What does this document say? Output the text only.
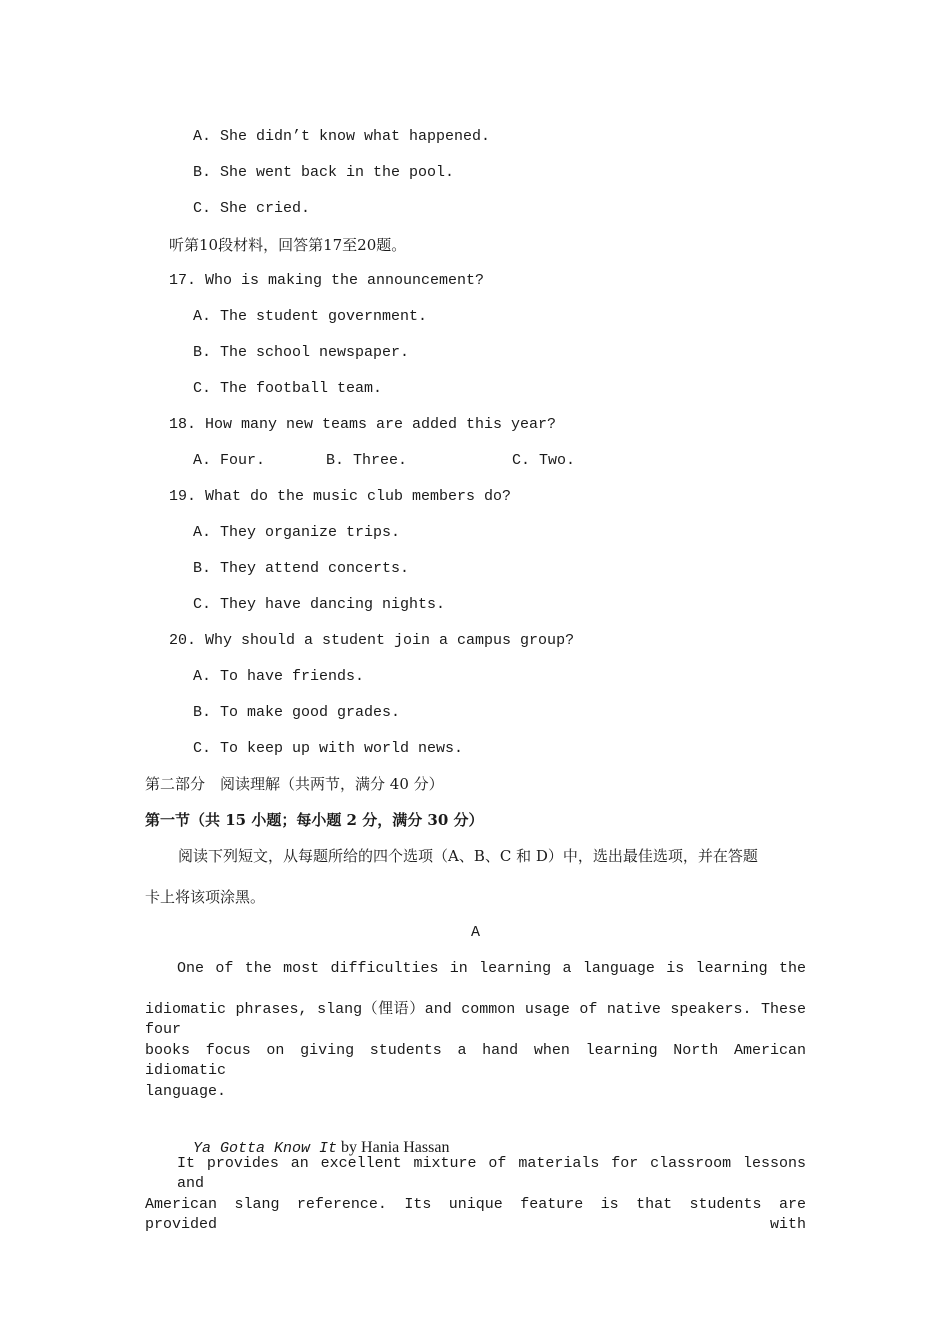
A. She didn’t know what happened.
B. She went back in the pool.
C. She cried.
听第10段材料，回答第17至20题。
17. Who is making the announcement?
A. The student government.
B. The school newspaper.
C. The football team.
18. How many new teams are added this year?
A. Four.	B. Three.	C. Two.
19. What do the music club members do?
A. They organize trips.
B. They attend concerts.
C. They have dancing nights.
20. Why should a student join a campus group?
A. To have friends.
B. To make good grades.
C. To keep up with world news.
第二部分　阅读理解（共两节，满分 40 分）
第一节（共 15 小题；每小题 2 分，满分 30 分）
阅读下列短文，从每题所给的四个选项（A、B、C 和 D）中，选出最佳选项，并在答题
卡上将该项涂黑。
A
One of the most difficulties in learning a language is learning the
idiomatic phrases, slang（俚语）and common usage of native speakers. These four
books focus on giving students a hand when learning North American idiomatic
language.

Ya Gotta Know It by Hania Hassan

It provides an excellent mixture of materials for classroom lessons and
American slang reference. Its unique feature is that students are provided with
